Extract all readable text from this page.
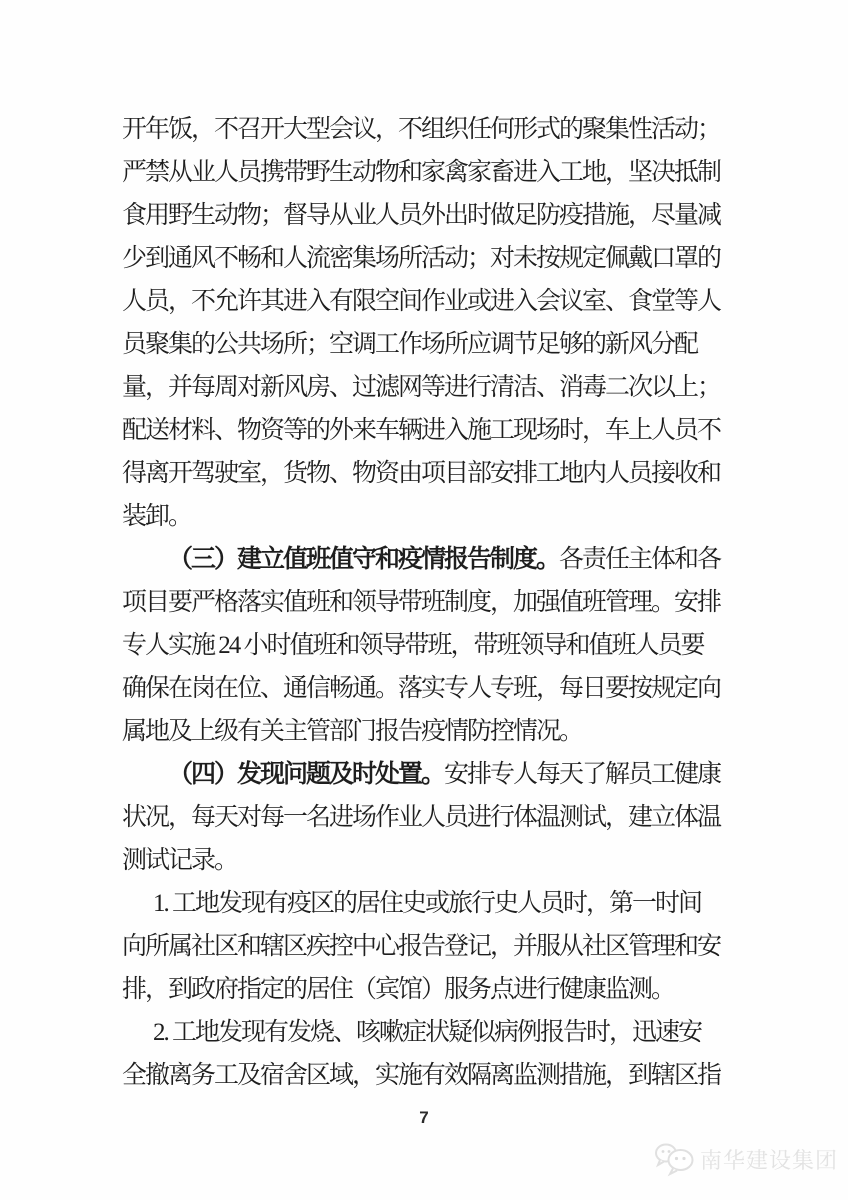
开年饭，不召开大型会议，不组织任何形式的聚集性活动；
严禁从业人员携带野生动物和家禽家畜进入工地，坚决抵制
食用野生动物；督导从业人员外出时做足防疫措施，尽量减
少到通风不畅和人流密集场所活动；对未按规定佩戴口罩的
人员，不允许其进入有限空间作业或进入会议室、食堂等人
员聚集的公共场所；空调工作场所应调节足够的新风分配
量，并每周对新风房、过滤网等进行清洁、消毒二次以上；
配送材料、物资等的外来车辆进入施工现场时，车上人员不
得离开驾驶室，货物、物资由项目部安排工地内人员接收和
装卸。
（三）建立值班值守和疫情报告制度。各责任主体和各
项目要严格落实值班和领导带班制度，加强值班管理。安排
专人实施 24 小时值班和领导带班，带班领导和值班人员要
确保在岗在位、通信畅通。落实专人专班，每日要按规定向
属地及上级有关主管部门报告疫情防控情况。
（四）发现问题及时处置。安排专人每天了解员工健康
状况，每天对每一名进场作业人员进行体温测试，建立体温
测试记录。
1. 工地发现有疫区的居住史或旅行史人员时，第一时间
向所属社区和辖区疾控中心报告登记，并服从社区管理和安
排，到政府指定的居住（宾馆）服务点进行健康监测。
2. 工地发现有发烧、咳嗽症状疑似病例报告时，迅速安
全撤离务工及宿舍区域，实施有效隔离监测措施，到辖区指
7
南华建设集团
